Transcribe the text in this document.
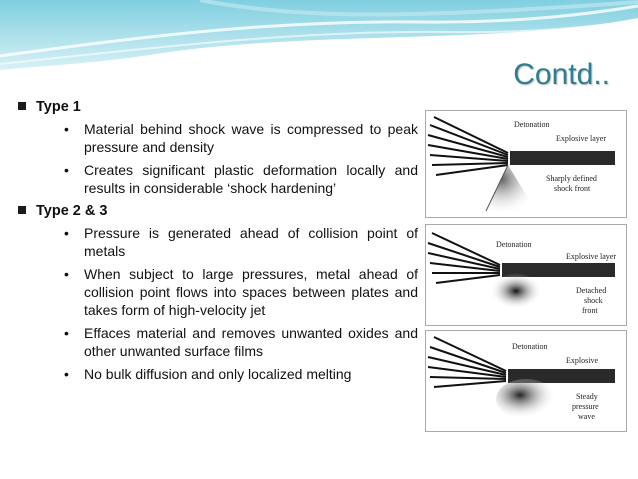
Contd..
Type 1
• Material behind shock wave is compressed to peak pressure and density
• Creates significant plastic deformation locally and results in considerable ‘shock hardening’
Type 2 & 3
• Pressure is generated ahead of collision point of metals
• When subject to large pressures, metal ahead of collision point flows into spaces between plates and takes form of high-velocity jet
• Effaces material and removes unwanted oxides and other unwanted surface films
• No bulk diffusion and only localized melting
Detonation
Explosive layer
Sharply defined
shock front
Detonation
Explosive layer
Detached
shock
front
Detonation
Explosive
Steady
pressure
wave
